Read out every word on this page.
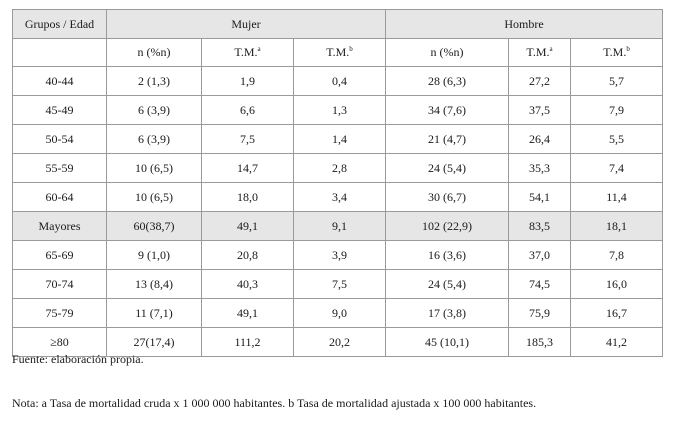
Grupos / Edad	Mujer			Hombre		
	n (%n)	T.M.$^a$	T.M.$^b$	n (%n)	T.M.$^a$	T.M.$^b$
40-44	2 (1,3)	1,9	0,4	28 (6,3)	27,2	5,7
45-49	6 (3,9)	6,6	1,3	34 (7,6)	37,5	7,9
50-54	6 (3,9)	7,5	1,4	21 (4,7)	26,4	5,5
55-59	10 (6,5)	14,7	2,8	24 (5,4)	35,3	7,4
60-64	10 (6,5)	18,0	3,4	30 (6,7)	54,1	11,4
Mayores	60(38,7)	49,1	9,1	102 (22,9)	83,5	18,1
65-69	9 (1,0)	20,8	3,9	16 (3,6)	37,0	7,8
70-74	13 (8,4)	40,3	7,5	24 (5,4)	74,5	16,0
75-79	11 (7,1)	49,1	9,0	17 (3,8)	75,9	16,7
≥80	27(17,4)	111,2	20,2	45 (10,1)	185,3	41,2
Fuente: elaboración propia.
Nota: a Tasa de mortalidad cruda x 1 000 000 habitantes. b Tasa de mortalidad ajustada x 100 000 habitantes.
